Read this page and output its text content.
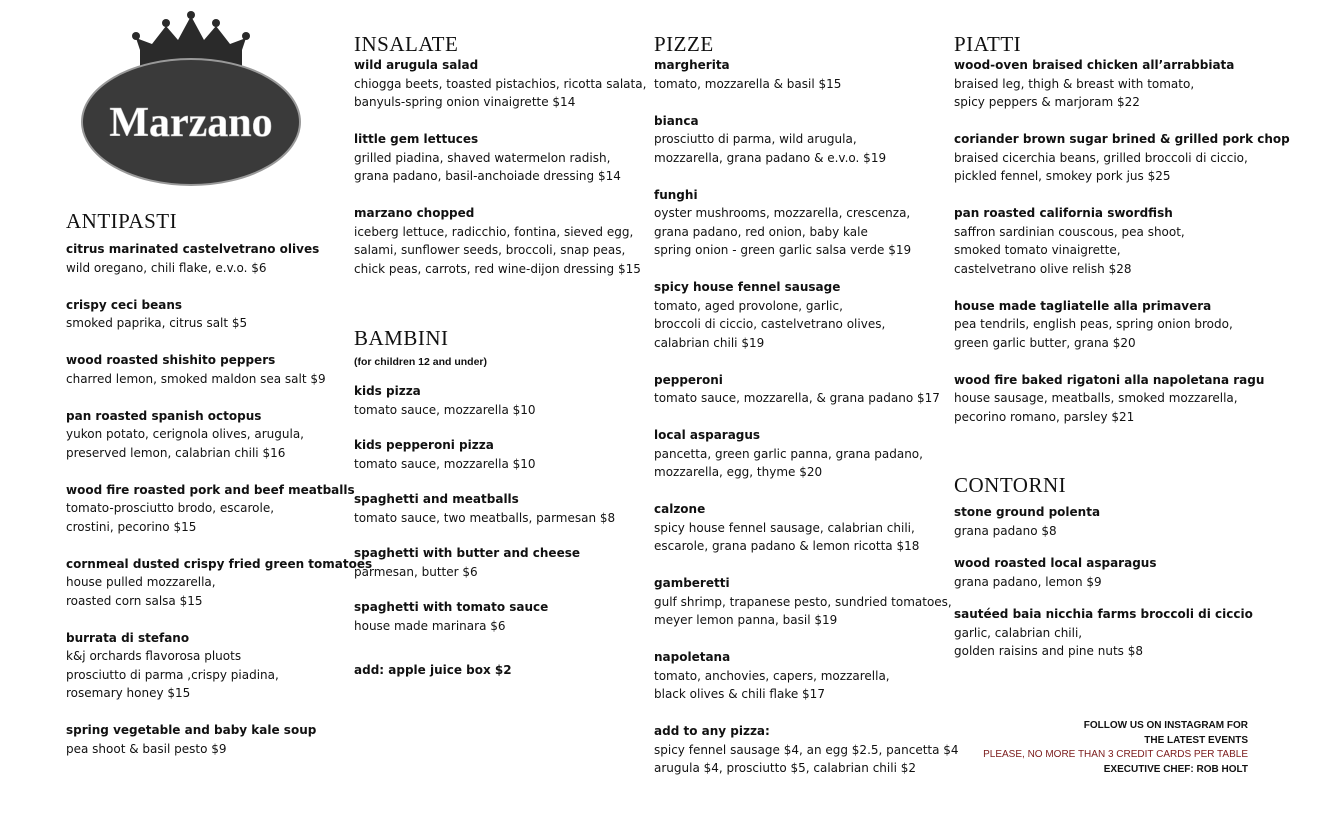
Marzano
ANTIPASTI
citrus marinated castelvetrano olives
wild oregano, chili flake, e.v.o. $6
crispy ceci beans
smoked paprika, citrus salt $5
wood roasted shishito peppers
charred lemon, smoked maldon sea salt $9
pan roasted spanish octopus
yukon potato, cerignola olives, arugula,
preserved lemon, calabrian chili $16
wood fire roasted pork and beef meatballs
tomato-prosciutto brodo, escarole,
crostini, pecorino $15
cornmeal dusted crispy fried green tomatoes
house pulled mozzarella,
roasted corn salsa $15
burrata di stefano
k&j orchards flavorosa pluots
prosciutto di parma ,crispy piadina,
rosemary honey $15
spring vegetable and baby kale soup
pea shoot & basil pesto $9
INSALATE
wild arugula salad
chiogga beets, toasted pistachios, ricotta salata,
banyuls-spring onion vinaigrette $14
little gem lettuces
grilled piadina, shaved watermelon radish,
grana padano, basil-anchoiade dressing $14
marzano chopped
iceberg lettuce, radicchio, fontina, sieved egg,
salami, sunflower seeds, broccoli, snap peas,
chick peas, carrots, red wine-dijon dressing $15
BAMBINI
(for children 12 and under)
kids pizza
tomato sauce, mozzarella $10
kids pepperoni pizza
tomato sauce, mozzarella $10
spaghetti and meatballs
tomato sauce, two meatballs, parmesan $8
spaghetti with butter and cheese
parmesan, butter $6
spaghetti with tomato sauce
house made marinara $6
add: apple juice box $2
PIZZE
margherita
tomato, mozzarella & basil $15
bianca
prosciutto di parma, wild arugula,
mozzarella, grana padano & e.v.o. $19
funghi
oyster mushrooms, mozzarella, crescenza,
grana padano, red onion, baby kale
spring onion - green garlic salsa verde $19
spicy house fennel sausage
tomato, aged provolone, garlic,
broccoli di ciccio, castelvetrano olives,
calabrian chili $19
pepperoni
tomato sauce, mozzarella, & grana padano $17
local asparagus
pancetta, green garlic panna, grana padano,
mozzarella, egg, thyme $20
calzone
spicy house fennel sausage, calabrian chili,
escarole, grana padano & lemon ricotta $18
gamberetti
gulf shrimp, trapanese pesto, sundried tomatoes,
meyer lemon panna, basil $19
napoletana
tomato, anchovies, capers, mozzarella,
black olives & chili flake $17
add to any pizza:
spicy fennel sausage $4, an egg $2.5, pancetta $4
arugula $4, prosciutto $5, calabrian chili $2
PIATTI
wood-oven braised chicken all’arrabbiata
braised leg, thigh & breast with tomato,
spicy peppers & marjoram $22
coriander brown sugar brined & grilled pork chop
braised cicerchia beans, grilled broccoli di ciccio,
pickled fennel, smokey pork jus $25
pan roasted california swordfish
saffron sardinian couscous, pea shoot,
smoked tomato vinaigrette,
castelvetrano olive relish $28
house made tagliatelle alla primavera
pea tendrils, english peas, spring onion brodo,
green garlic butter, grana $20
wood fire baked rigatoni alla napoletana ragu
house sausage, meatballs, smoked mozzarella,
pecorino romano, parsley $21
CONTORNI
stone ground polenta
grana padano $8
wood roasted local asparagus
grana padano, lemon $9
sautéed baia nicchia farms broccoli di ciccio
garlic, calabrian chili,
golden raisins and pine nuts $8
FOLLOW US ON INSTAGRAM FOR
THE LATEST EVENTS
PLEASE, NO MORE THAN 3 CREDIT CARDS PER TABLE
EXECUTIVE CHEF: ROB HOLT
